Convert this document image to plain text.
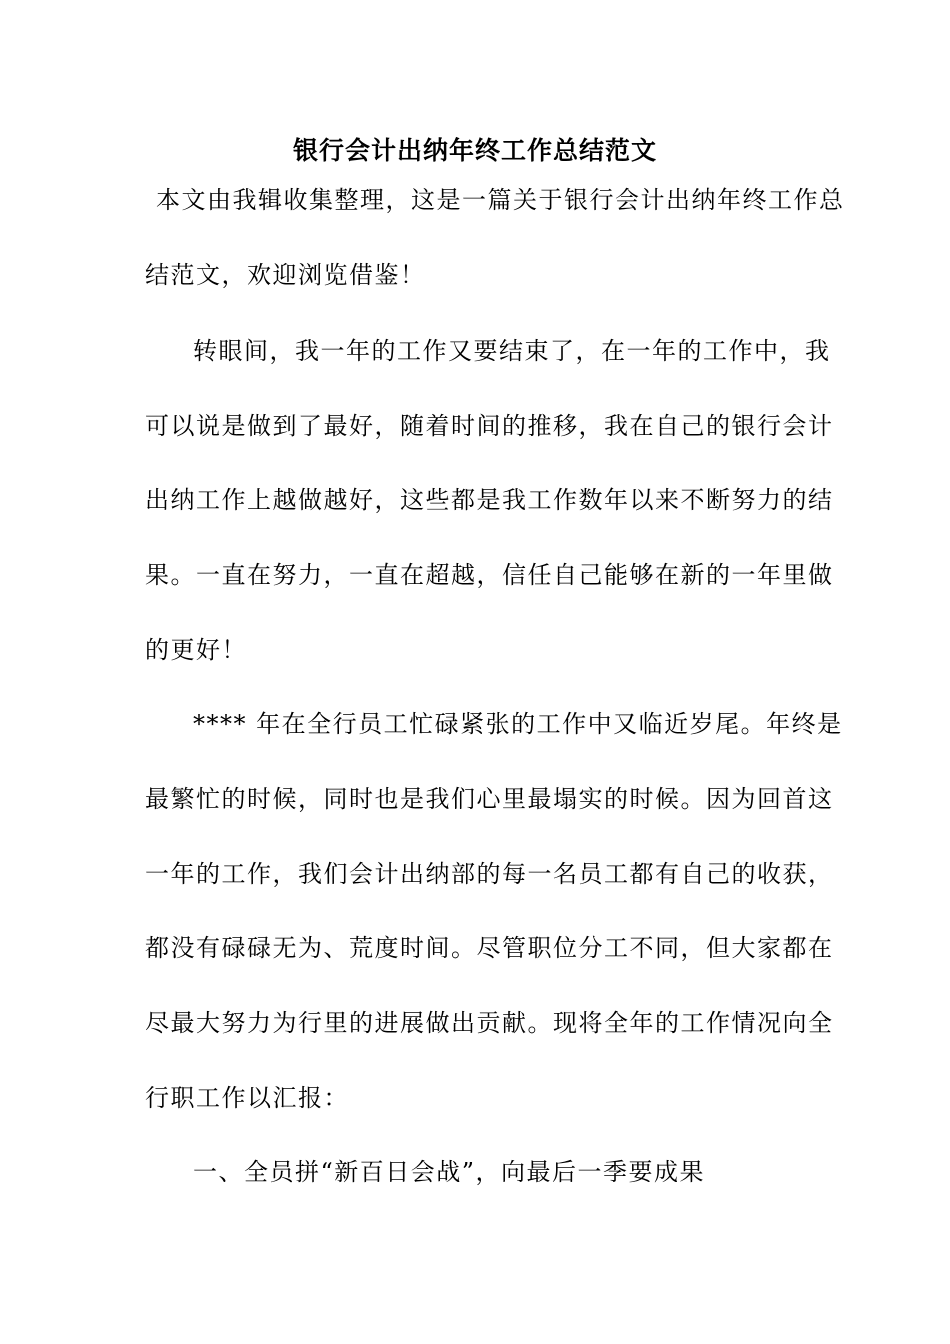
银行会计出纳年终工作总结范文
本文由我辑收集整理，这是一篇关于银行会计出纳年终工作总
结范文，欢迎浏览借鉴！
转眼间，我一年的工作又要结束了，在一年的工作中，我
可以说是做到了最好，随着时间的推移，我在自己的银行会计
出纳工作上越做越好，这些都是我工作数年以来不断努力的结
果。一直在努力，一直在超越，信任自己能够在新的一年里做
的更好！
**** 年在全行员工忙碌紧张的工作中又临近岁尾。年终是
最繁忙的时候，同时也是我们心里最塌实的时候。因为回首这
一年的工作，我们会计出纳部的每一名员工都有自己的收获，
都没有碌碌无为、荒度时间。尽管职位分工不同，但大家都在
尽最大努力为行里的进展做出贡献。现将全年的工作情况向全
行职工作以汇报：
一、全员拼“新百日会战”，向最后一季要成果
